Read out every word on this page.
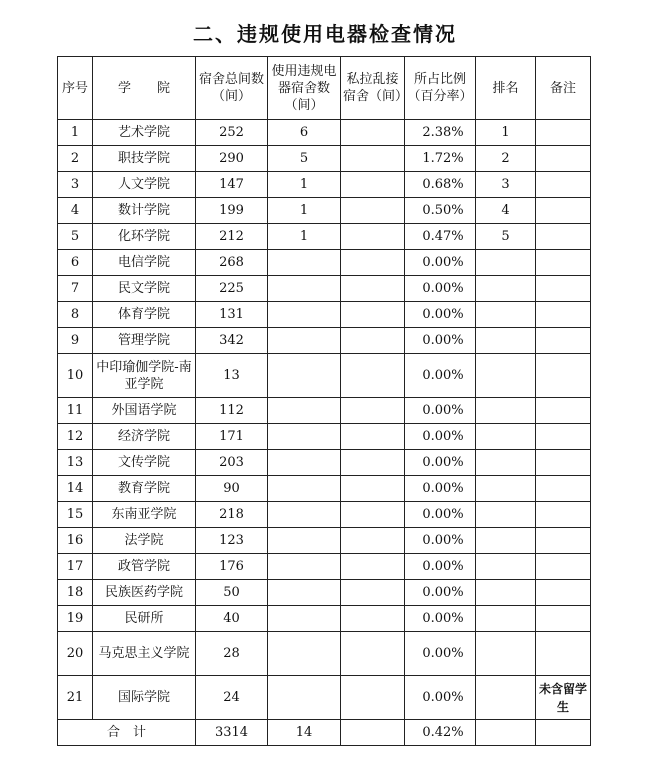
二、违规使用电器检查情况
序号	学　　院	宿舍总间数（间）	使用违规电器宿舍数（间）	私拉乱接宿舍（间）	所占比例（百分率）	排名	备注
1	艺术学院	252	6		2.38%	1	
2	职技学院	290	5		1.72%	2	
3	人文学院	147	1		0.68%	3	
4	数计学院	199	1		0.50%	4	
5	化环学院	212	1		0.47%	5	
6	电信学院	268			0.00%		
7	民文学院	225			0.00%		
8	体育学院	131			0.00%		
9	管理学院	342			0.00%		
10	中印瑜伽学院-南亚学院	13			0.00%		
11	外国语学院	112			0.00%		
12	经济学院	171			0.00%		
13	文传学院	203			0.00%		
14	教育学院	90			0.00%		
15	东南亚学院	218			0.00%		
16	法学院	123			0.00%		
17	政管学院	176			0.00%		
18	民族医药学院	50			0.00%		
19	民研所	40			0.00%		
20	马克思主义学院	28			0.00%		
21	国际学院	24			0.00%		未含留学生
合　计		3314	14		0.42%		
